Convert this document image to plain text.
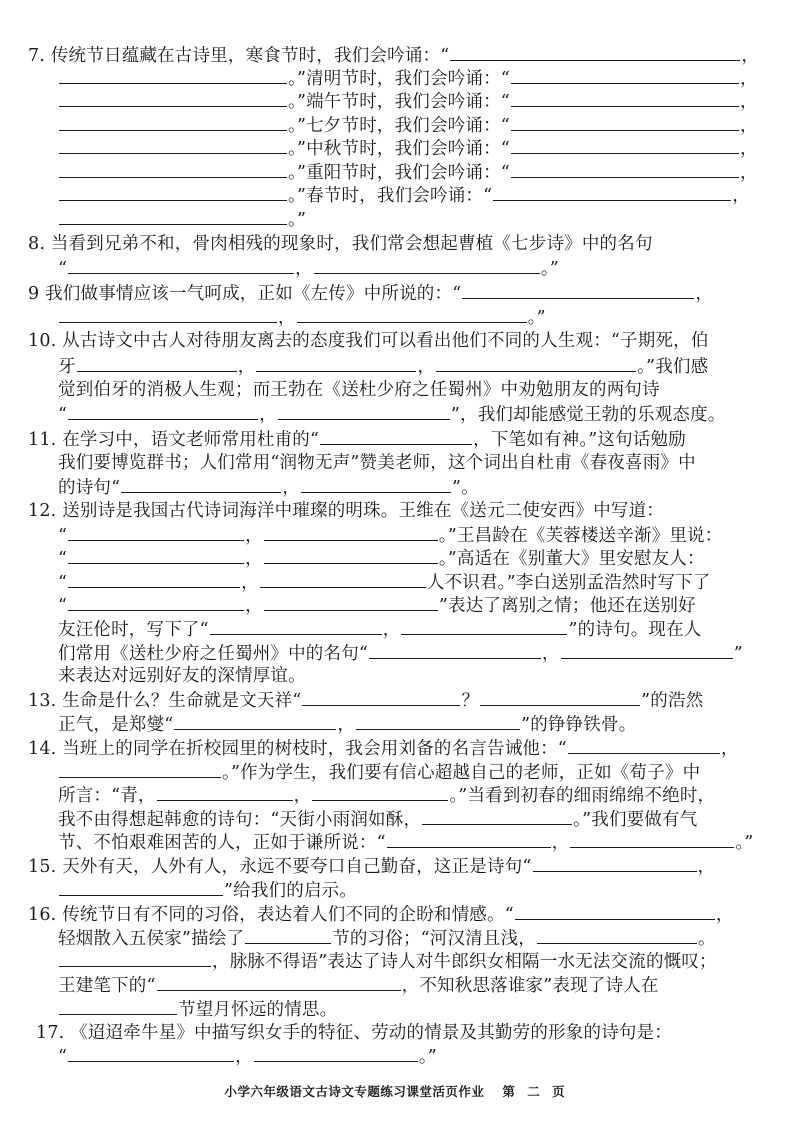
7. 传统节日蕴藏在古诗里，寒食节时，我们会吟诵：“	，
。”清明节时，我们会吟诵：“	，
。”端午节时，我们会吟诵：“	，
。”七夕节时，我们会吟诵：“	，
。”中秋节时，我们会吟诵：“	，
。”重阳节时，我们会吟诵：“	，
。”春节时，我们会吟诵：“	，
。”
8. 当看到兄弟不和，骨肉相残的现象时，我们常会想起曹植《七步诗》中的名句
“	，	。”
9 我们做事情应该一气呵成，正如《左传》中所说的：“	，
，	。”
10. 从古诗文中古人对待朋友离去的态度我们可以看出他们不同的人生观：“子期死，伯
牙	，	，	。”我们感
觉到伯牙的消极人生观；而王勃在《送杜少府之任蜀州》中劝勉朋友的两句诗
“	，	”，我们却能感觉王勃的乐观态度。
11. 在学习中，语文老师常用杜甫的“	，下笔如有神。”这句话勉励
我们要博览群书；人们常用“润物无声”赞美老师，这个词出自杜甫《春夜喜雨》中
的诗句“	，	”。
12. 送别诗是我国古代诗词海洋中璀璨的明珠。王维在《送元二使安西》中写道：
“	，	。”王昌龄在《芙蓉楼送辛渐》里说：
“	，	。”高适在《别董大》里安慰友人：
“	，	人不识君。”李白送别孟浩然时写下了
“	，	”表达了离别之情；他还在送别好
友汪伦时，写下了“	，	”的诗句。现在人
们常用《送杜少府之任蜀州》中的名句“	，	”
来表达对远别好友的深情厚谊。
13. 生命是什么？生命就是文天祥“	？	”的浩然
正气，是郑燮“	，	”的铮铮铁骨。
14. 当班上的同学在折校园里的树枝时，我会用刘备的名言告诫他：“	，
。”作为学生，我们要有信心超越自己的老师，正如《荀子》中
所言：“青，	，	。”当看到初春的细雨绵绵不绝时，
我不由得想起韩愈的诗句：“天街小雨润如酥，	。”我们要做有气
节、不怕艰难困苦的人，正如于谦所说：“	，	。”
15. 天外有天，人外有人，永远不要夸口自己勤奋，这正是诗句“	，
”给我们的启示。
16. 传统节日有不同的习俗，表达着人们不同的企盼和情感。“	，
轻烟散入五侯家”描绘了	节的习俗；“河汉清且浅，	。
，脉脉不得语”表达了诗人对牛郎织女相隔一水无法交流的慨叹；
王建笔下的“	，不知秋思落谁家”表现了诗人在
节望月怀远的情思。
17. 《迢迢牵牛星》中描写织女手的特征、劳动的情景及其勤劳的形象的诗句是：
“	，	。”
小学六年级语文古诗文专题练习课堂活页作业 第 二 页
